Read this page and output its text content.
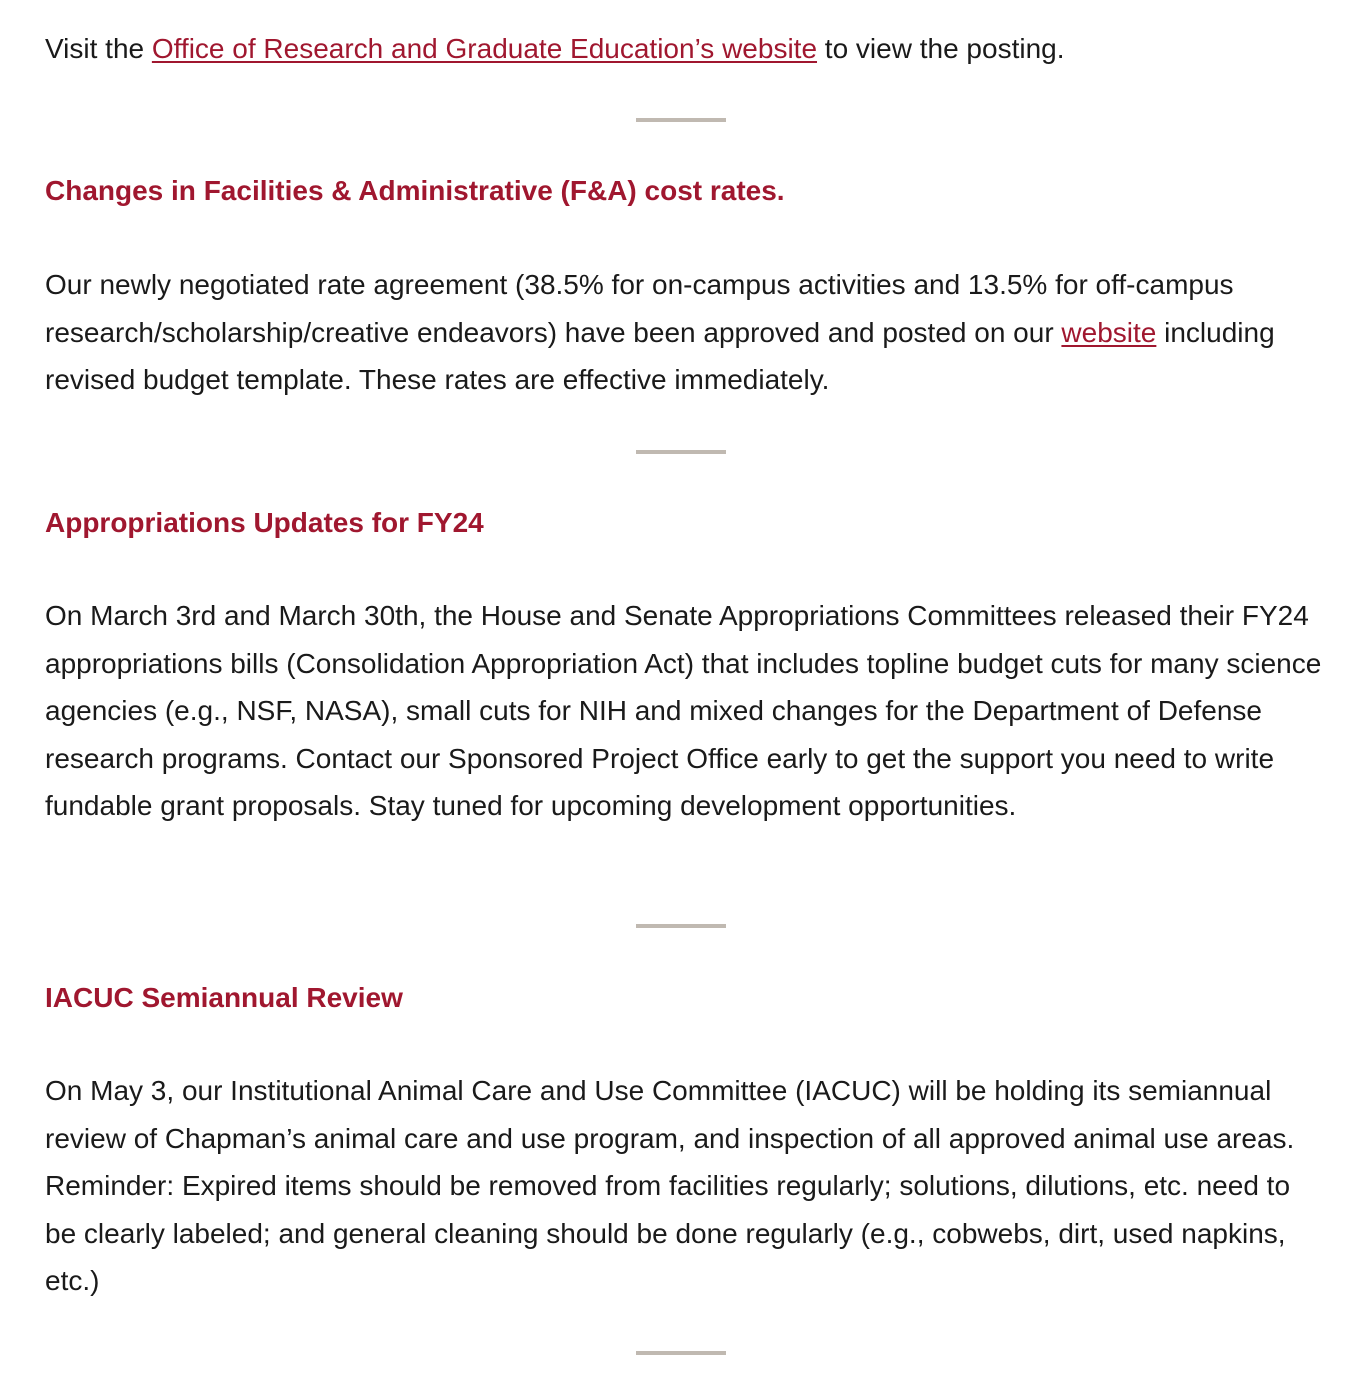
Visit the Office of Research and Graduate Education’s website to view the posting.

Changes in Facilities & Administrative (F&A) cost rates.

Our newly negotiated rate agreement (38.5% for on-campus activities and 13.5% for off-campus research/scholarship/creative endeavors) have been approved and posted on our website including revised budget template. These rates are effective immediately.

Appropriations Updates for FY24

On March 3rd and March 30th, the House and Senate Appropriations Committees released their FY24 appropriations bills (Consolidation Appropriation Act) that includes topline budget cuts for many science agencies (e.g., NSF, NASA), small cuts for NIH and mixed changes for the Department of Defense research programs. Contact our Sponsored Project Office early to get the support you need to write fundable grant proposals. Stay tuned for upcoming development opportunities.

IACUC Semiannual Review

On May 3, our Institutional Animal Care and Use Committee (IACUC) will be holding its semiannual review of Chapman’s animal care and use program, and inspection of all approved animal use areas. Reminder: Expired items should be removed from facilities regularly; solutions, dilutions, etc. need to be clearly labeled; and general cleaning should be done regularly (e.g., cobwebs, dirt, used napkins, etc.)
